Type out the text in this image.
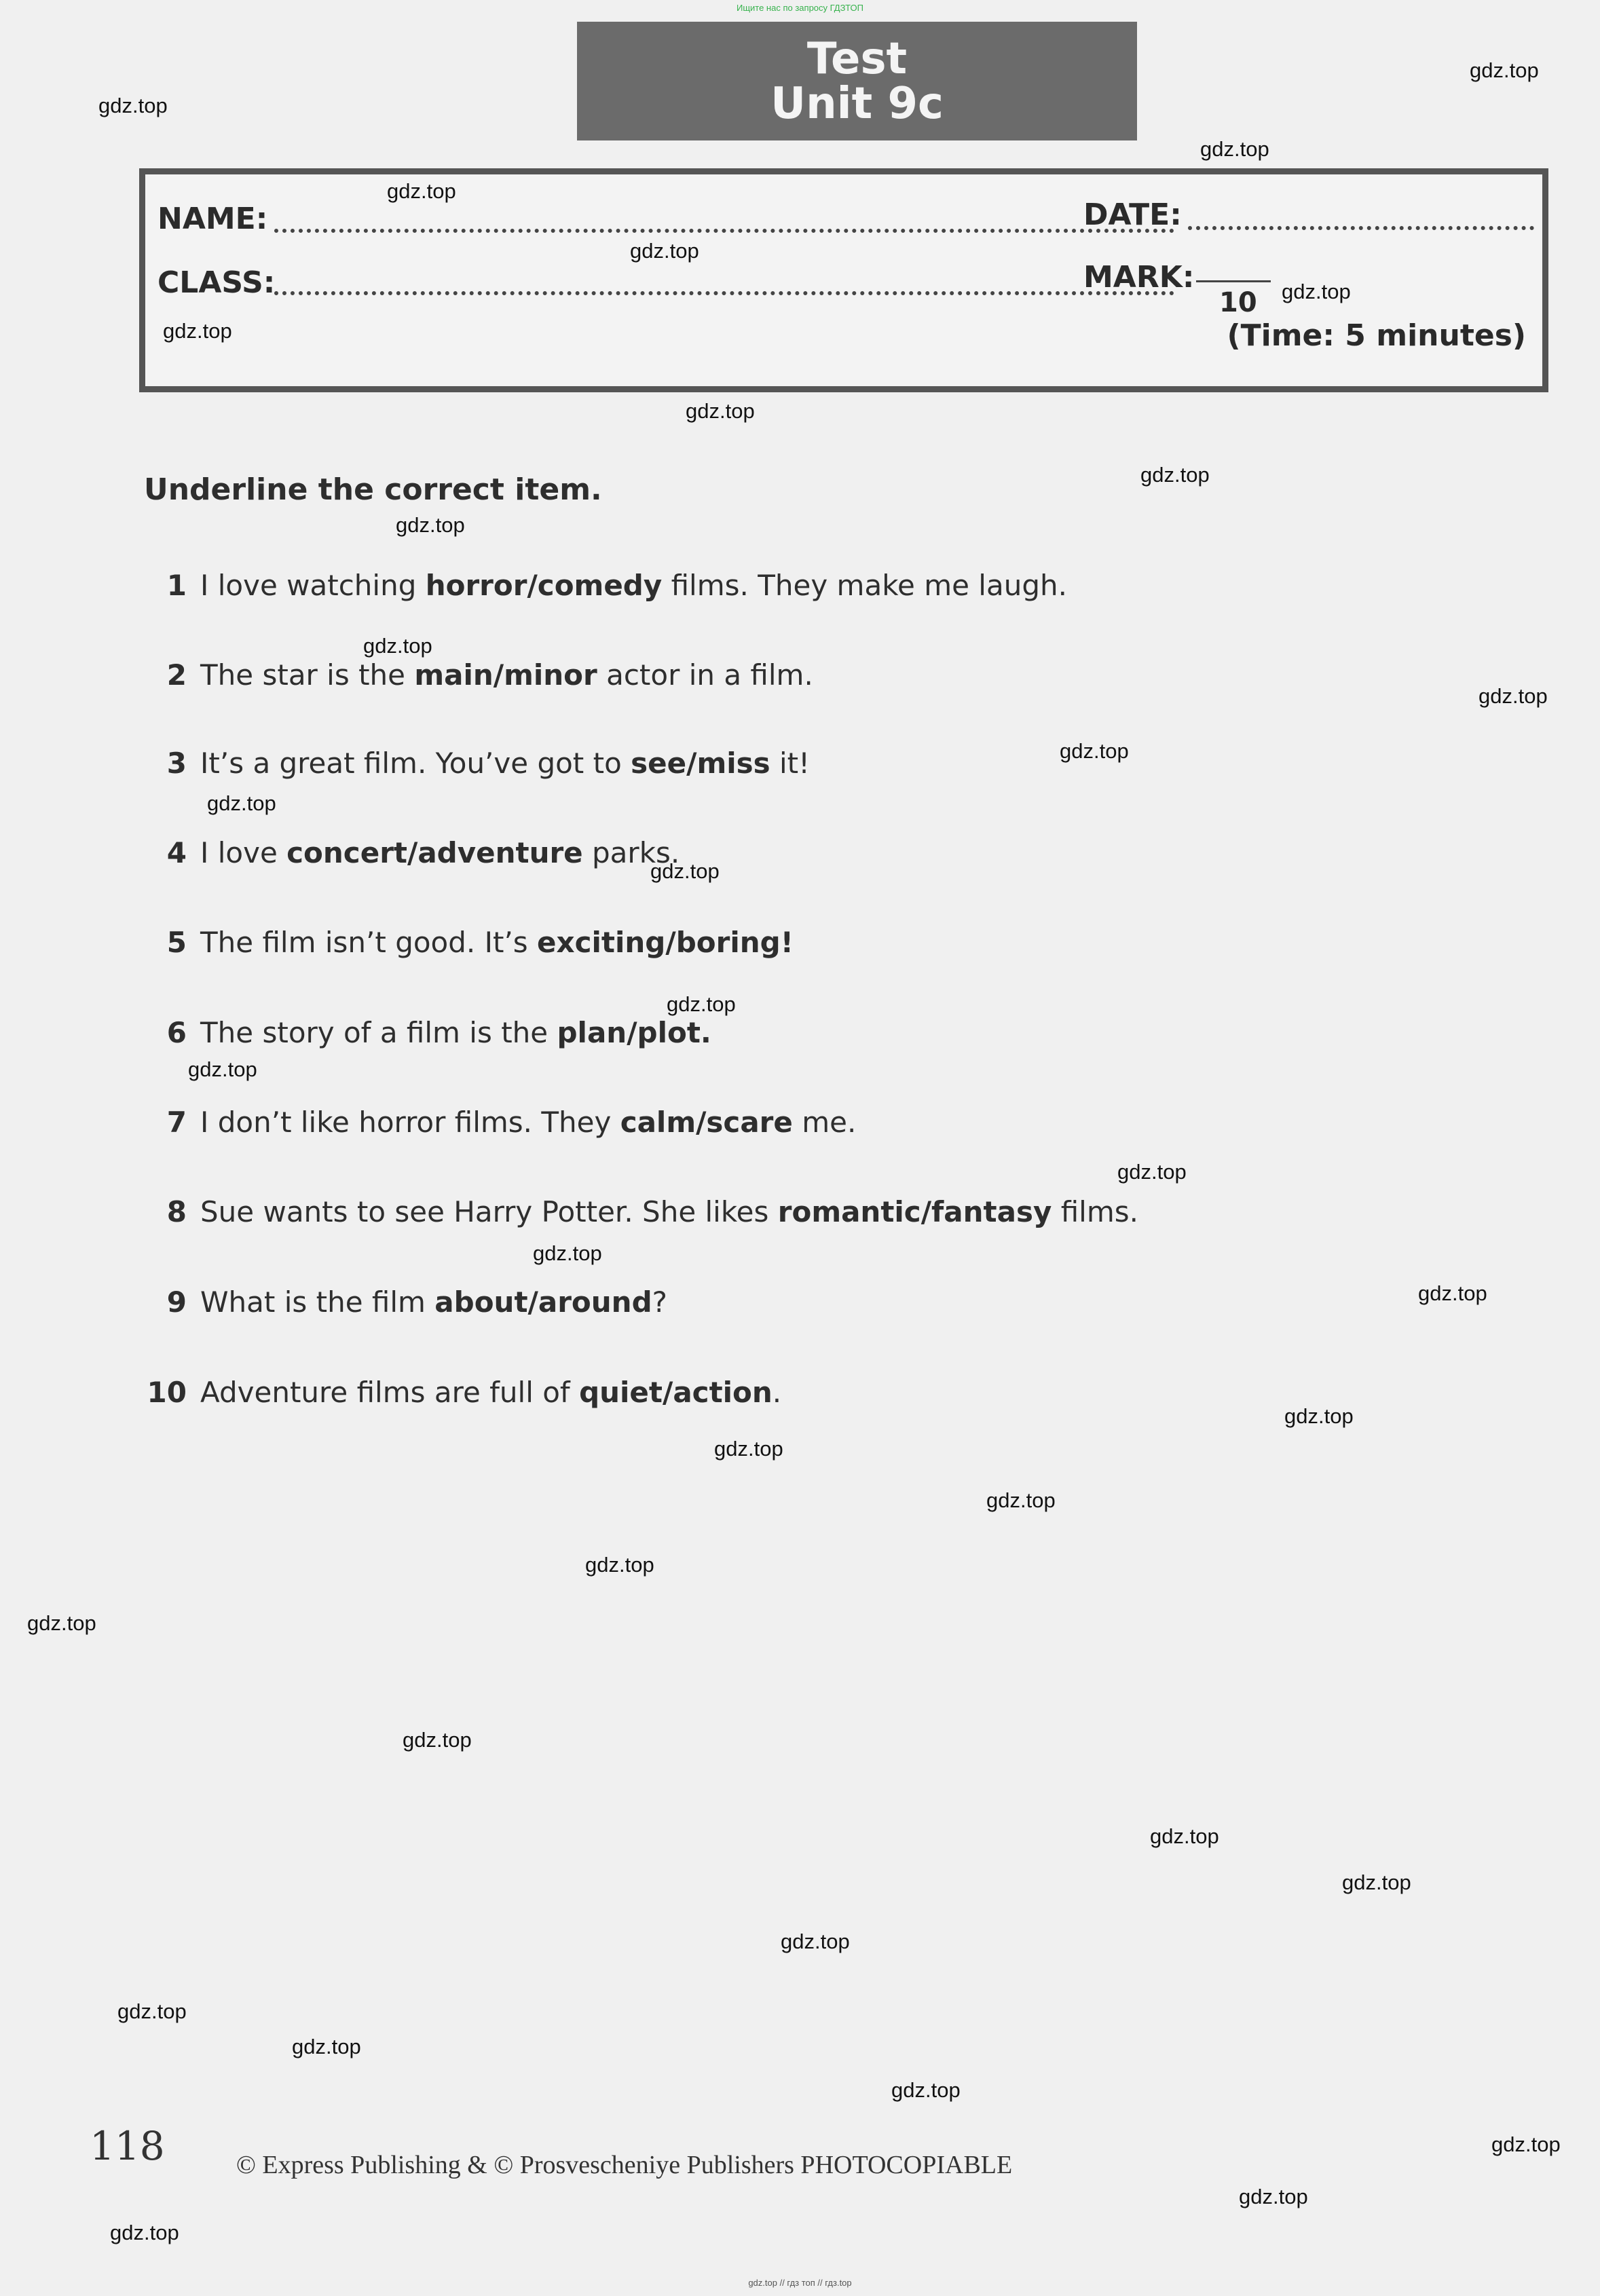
Ищите нас по запросу ГДЗТОП
Test
Unit 9c
NAME:	DATE:
CLASS:	MARK:
10
(Time: 5 minutes)
Underline the correct item.
1 I love watching horror/comedy films. They make me laugh.
2 The star is the main/minor actor in a film.
3 It’s a great film. You’ve got to see/miss it!
4 I love concert/adventure parks.
5 The film isn’t good. It’s exciting/boring!
6 The story of a film is the plan/plot.
7 I don’t like horror films. They calm/scare me.
8 Sue wants to see Harry Potter. She likes romantic/fantasy films.
9 What is the film about/around?
10 Adventure films are full of quiet/action.
118	© Express Publishing & © Prosvescheniye Publishers PHOTOCOPIABLE
gdz.top
gdz.top
gdz.top
gdz.top
gdz.top
gdz.top
gdz.top
gdz.top
gdz.top
gdz.top
gdz.top
gdz.top
gdz.top
gdz.top
gdz.top
gdz.top
gdz.top
gdz.top
gdz.top
gdz.top
gdz.top
gdz.top
gdz.top
gdz.top
gdz.top
gdz.top
gdz.top
gdz.top
gdz.top
gdz.top
gdz.top
gdz.top
gdz.top
gdz.top
gdz.top
gdz.top // гдз топ // гдз.top
